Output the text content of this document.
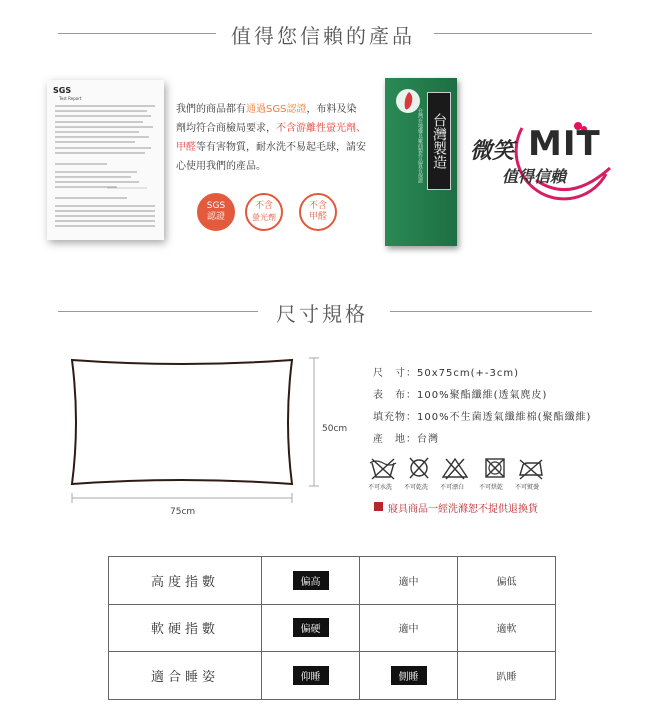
值得您信賴的產品
SGS
Test Report
我們的商品都有通過SGS認證，布料及染劑均符合商檢局要求，不含游離性螢光劑、甲醛等有害物質，耐水洗不易起毛球，請安心使用我們的產品。
SGS
認證
不含
螢光劑
不含
甲醛
台灣製造
台灣在地優良廠商製作品質有保證 微笑 MIT
值得信賴
尺寸規格
50cm
75cm
尺　寸：50x75cm(+-3cm)
表　布：100%聚酯纖維(透氣麂皮)
填充物：100%不生菌透氣纖維棉(聚酯纖維)
產　地：台灣
不可水洗 不可乾洗 不可漂白 不可烘乾 不可熨燙
寢具商品一經洗滌恕不提供退換貨
高度指數	偏高	適中	偏低
軟硬指數	偏硬	適中	適軟
適合睡姿	仰睡	側睡	趴睡
